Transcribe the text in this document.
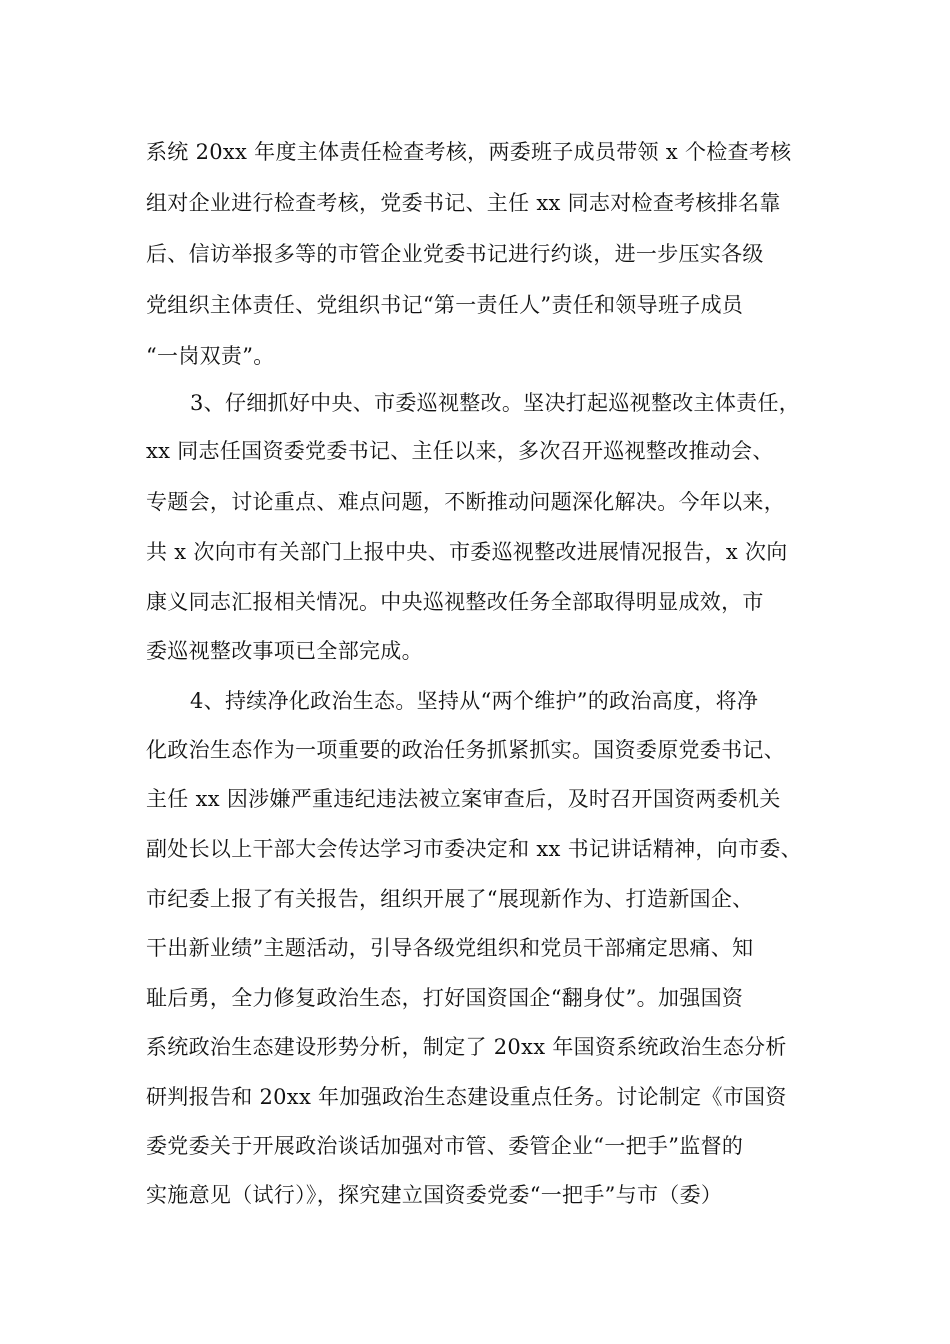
系统 20xx 年度主体责任检查考核，两委班子成员带领 x 个检查考核

组对企业进行检查考核，党委书记、主任 xx 同志对检查考核排名靠

后、信访举报多等的市管企业党委书记进行约谈，进一步压实各级

党组织主体责任、党组织书记“第一责任人”责任和领导班子成员

“一岗双责”。

3、仔细抓好中央、市委巡视整改。坚决打起巡视整改主体责任，

xx 同志任国资委党委书记、主任以来，多次召开巡视整改推动会、

专题会，讨论重点、难点问题，不断推动问题深化解决。今年以来，

共 x 次向市有关部门上报中央、市委巡视整改进展情况报告，x 次向

康义同志汇报相关情况。中央巡视整改任务全部取得明显成效，市

委巡视整改事项已全部完成。

4、持续净化政治生态。坚持从“两个维护”的政治高度，将净

化政治生态作为一项重要的政治任务抓紧抓实。国资委原党委书记、

主任 xx 因涉嫌严重违纪违法被立案审查后，及时召开国资两委机关

副处长以上干部大会传达学习市委决定和 xx 书记讲话精神，向市委、

市纪委上报了有关报告，组织开展了“展现新作为、打造新国企、

干出新业绩”主题活动，引导各级党组织和党员干部痛定思痛、知

耻后勇，全力修复政治生态，打好国资国企“翻身仗”。加强国资

系统政治生态建设形势分析，制定了 20xx 年国资系统政治生态分析

研判报告和 20xx 年加强政治生态建设重点任务。讨论制定《市国资

委党委关于开展政治谈话加强对市管、委管企业“一把手”监督的

实施意见（试行）》，探究建立国资委党委“一把手”与市（委）
